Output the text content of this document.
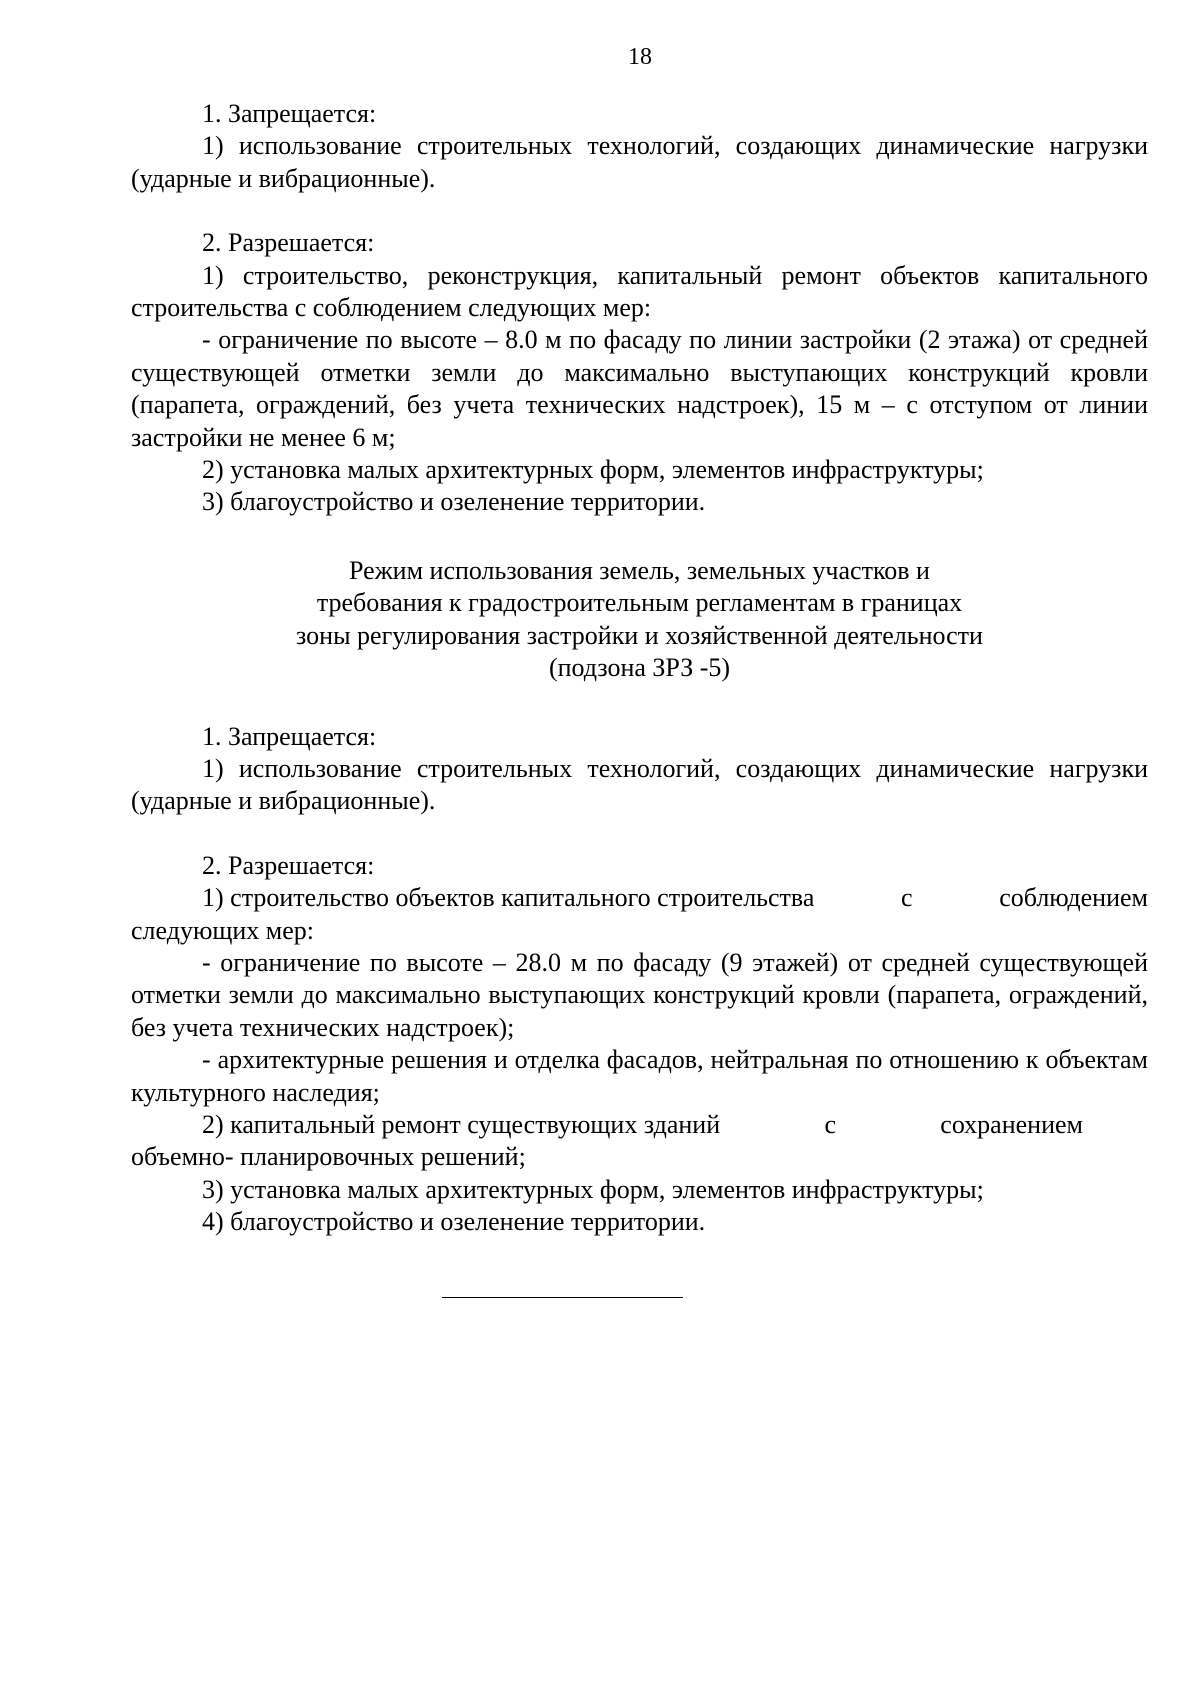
18

1. Запрещается:

1) использование строительных технологий, создающих динамические нагрузки (ударные и вибрационные).

2. Разрешается:

1) строительство, реконструкция, капитальный ремонт объектов капитального строительства с соблюдением следующих мер:

- ограничение по высоте – 8.0 м по фасаду по линии застройки (2 этажа) от средней существующей отметки земли до максимально выступающих конструкций кровли (парапета, ограждений, без учета технических надстроек), 15 м – с отступом от линии застройки не менее 6 м;

2) установка малых архитектурных форм, элементов инфраструктуры;

3) благоустройство и озеленение территории.

Режим использования земель, земельных участков и
требования к градостроительным регламентам в границах
зоны регулирования застройки и хозяйственной деятельности
(подзона ЗРЗ -5)

1. Запрещается:

1) использование строительных технологий, создающих динамические нагрузки (ударные и вибрационные).

2. Разрешается:

1) строительство объектов капитального строительства	с	соблюдением

следующих мер:

- ограничение по высоте – 28.0 м по фасаду (9 этажей) от средней существующей отметки земли до максимально выступающих конструкций кровли (парапета, ограждений, без учета технических надстроек);

- архитектурные решения и отделка фасадов, нейтральная по отношению к объектам культурного наследия;

2) капитальный ремонт существующих зданий	с	сохранением

объемно- планировочных решений;

3) установка малых архитектурных форм, элементов инфраструктуры;

4) благоустройство и озеленение территории.
